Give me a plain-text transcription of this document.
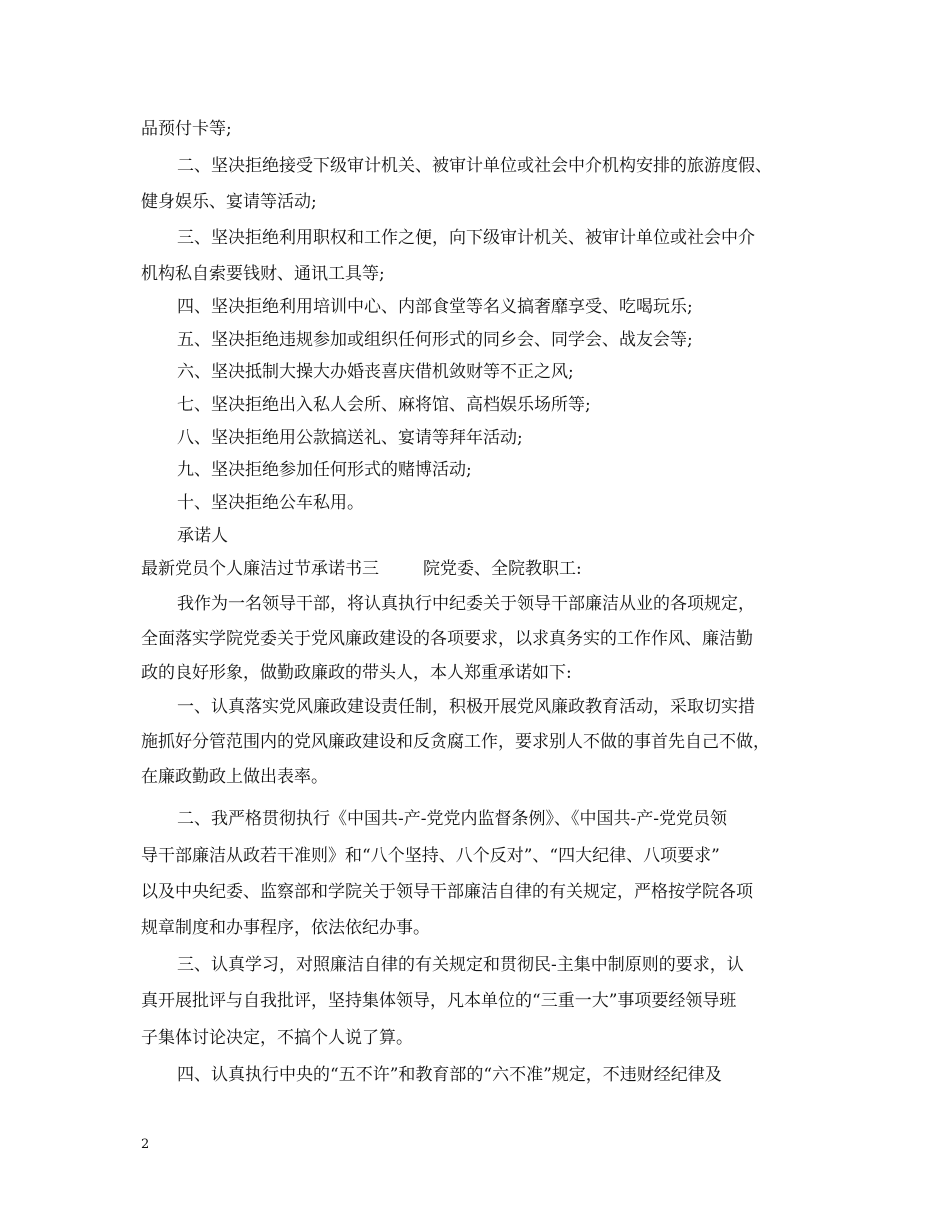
品预付卡等;
二、坚决拒绝接受下级审计机关、被审计单位或社会中介机构安排的旅游度假、
健身娱乐、宴请等活动;
三、坚决拒绝利用职权和工作之便，向下级审计机关、被审计单位或社会中介
机构私自索要钱财、通讯工具等;
四、坚决拒绝利用培训中心、内部食堂等名义搞奢靡享受、吃喝玩乐;
五、坚决拒绝违规参加或组织任何形式的同乡会、同学会、战友会等;
六、坚决抵制大操大办婚丧喜庆借机敛财等不正之风;
七、坚决拒绝出入私人会所、麻将馆、高档娱乐场所等;
八、坚决拒绝用公款搞送礼、宴请等拜年活动;
九、坚决拒绝参加任何形式的赌博活动;
十、坚决拒绝公车私用。
承诺人
最新党员个人廉洁过节承诺书三	院党委、全院教职工:
我作为一名领导干部，将认真执行中纪委关于领导干部廉洁从业的各项规定，
全面落实学院党委关于党风廉政建设的各项要求，以求真务实的工作作风、廉洁勤
政的良好形象，做勤政廉政的带头人，本人郑重承诺如下:
一、认真落实党风廉政建设责任制，积极开展党风廉政教育活动，采取切实措
施抓好分管范围内的党风廉政建设和反贪腐工作，要求别人不做的事首先自己不做，
在廉政勤政上做出表率。
二、我严格贯彻执行《中国共-产-党党内监督条例》、《中国共-产-党党员领
导干部廉洁从政若干准则》和“八个坚持、八个反对”、“四大纪律、八项要求”
以及中央纪委、监察部和学院关于领导干部廉洁自律的有关规定，严格按学院各项
规章制度和办事程序，依法依纪办事。
三、认真学习，对照廉洁自律的有关规定和贯彻民-主集中制原则的要求，认
真开展批评与自我批评，坚持集体领导，凡本单位的“三重一大”事项要经领导班
子集体讨论决定，不搞个人说了算。
四、认真执行中央的“五不许”和教育部的“六不准”规定，不违财经纪律及
2
